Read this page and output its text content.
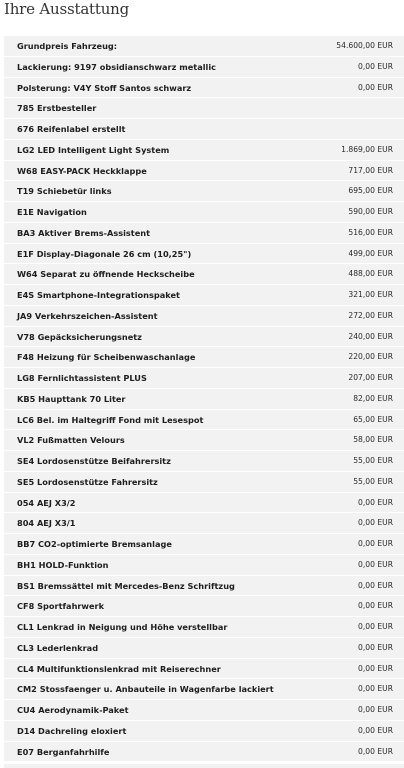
Ihre Ausstattung
Grundpreis Fahrzeug:	54.600,00 EUR
Lackierung: 9197 obsidianschwarz metallic	0,00 EUR
Polsterung: V4Y Stoff Santos schwarz	0,00 EUR
785 Erstbesteller
676 Reifenlabel erstellt
LG2 LED Intelligent Light System	1.869,00 EUR
W68 EASY-PACK Heckklappe	717,00 EUR
T19 Schiebetür links	695,00 EUR
E1E Navigation	590,00 EUR
BA3 Aktiver Brems-Assistent	516,00 EUR
E1F Display-Diagonale 26 cm (10,25")	499,00 EUR
W64 Separat zu öffnende Heckscheibe	488,00 EUR
E4S Smartphone-Integrationspaket	321,00 EUR
JA9 Verkehrszeichen-Assistent	272,00 EUR
V78 Gepäcksicherungsnetz	240,00 EUR
F48 Heizung für Scheibenwaschanlage	220,00 EUR
LG8 Fernlichtassistent PLUS	207,00 EUR
KB5 Haupttank 70 Liter	82,00 EUR
LC6 Bel. im Haltegriff Fond mit Lesespot	65,00 EUR
VL2 Fußmatten Velours	58,00 EUR
SE4 Lordosenstütze Beifahrersitz	55,00 EUR
SE5 Lordosenstütze Fahrersitz	55,00 EUR
054 AEJ X3/2	0,00 EUR
804 AEJ X3/1	0,00 EUR
BB7 CO2-optimierte Bremsanlage	0,00 EUR
BH1 HOLD-Funktion	0,00 EUR
BS1 Bremssättel mit Mercedes-Benz Schriftzug	0,00 EUR
CF8 Sportfahrwerk	0,00 EUR
CL1 Lenkrad in Neigung und Höhe verstellbar	0,00 EUR
CL3 Lederlenkrad	0,00 EUR
CL4 Multifunktionslenkrad mit Reiserechner	0,00 EUR
CM2 Stossfaenger u. Anbauteile in Wagenfarbe lackiert	0,00 EUR
CU4 Aerodynamik-Paket	0,00 EUR
D14 Dachreling eloxiert	0,00 EUR
E07 Berganfahrhilfe	0,00 EUR
